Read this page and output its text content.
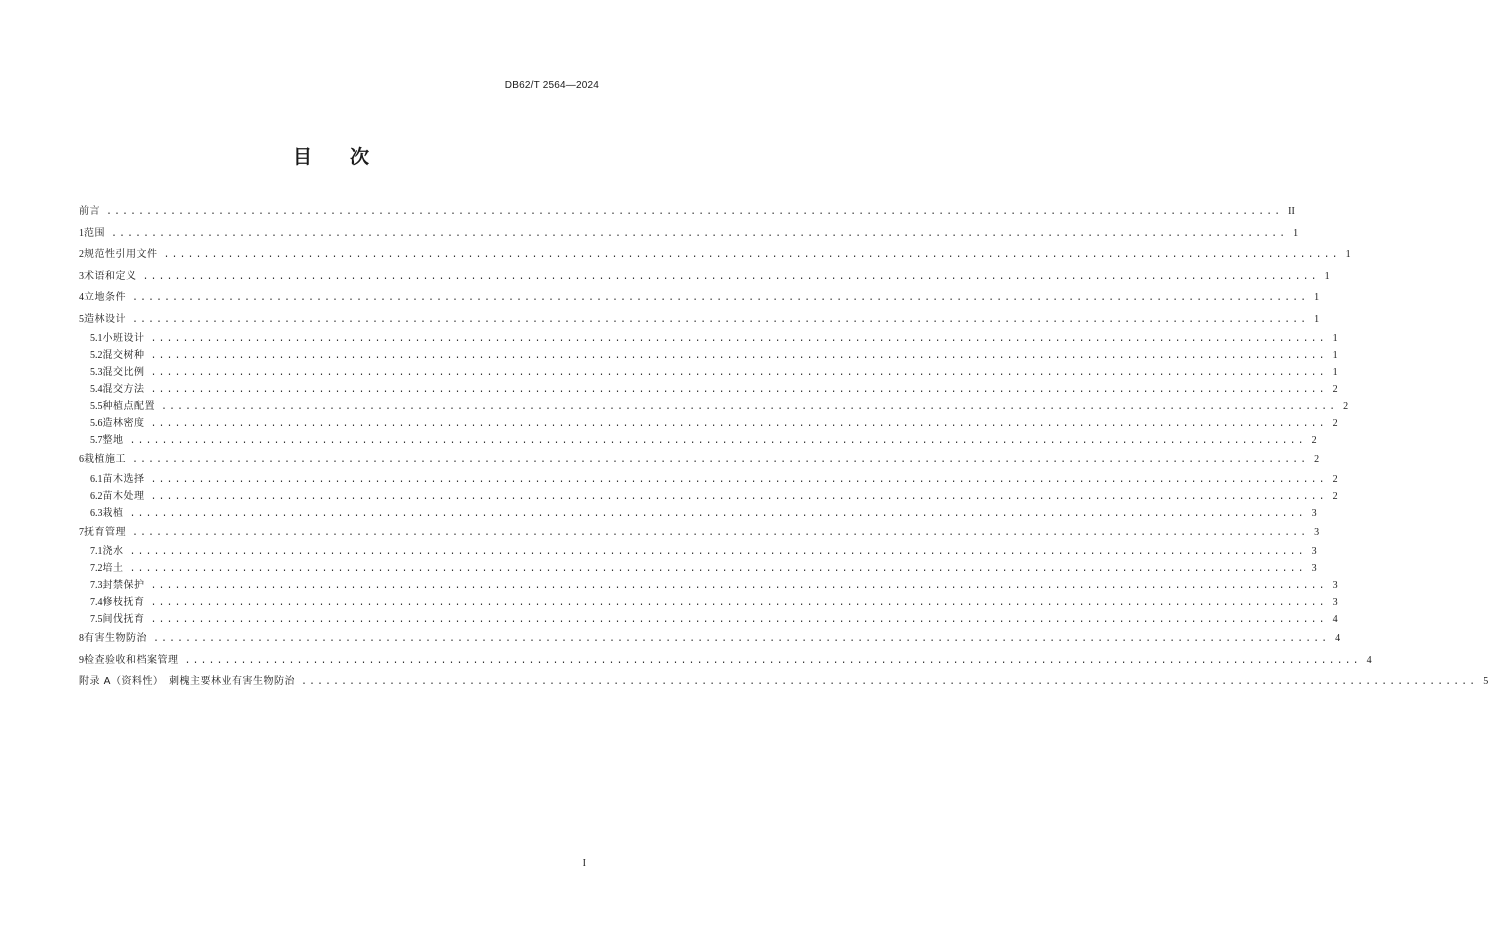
DB62/T 2564—2024
目　　次
前言 ................................................................................................................................................... II
1 范围 ................................................................................................................................................... 1
2 规范性引用文件 ................................................................................................................................................... 1
3 术语和定义 ................................................................................................................................................... 1
4 立地条件 ................................................................................................................................................... 1
5 造林设计 ................................................................................................................................................... 1
5.1 小班设计 ................................................................................................................................................... 1
5.2 混交树种 ................................................................................................................................................... 1
5.3 混交比例 ................................................................................................................................................... 1
5.4 混交方法 ................................................................................................................................................... 2
5.5 种植点配置 ................................................................................................................................................... 2
5.6 造林密度 ................................................................................................................................................... 2
5.7 整地 ................................................................................................................................................... 2
6 栽植施工 ................................................................................................................................................... 2
6.1 苗木选择 ................................................................................................................................................... 2
6.2 苗木处理 ................................................................................................................................................... 2
6.3 栽植 ................................................................................................................................................... 3
7 抚育管理 ................................................................................................................................................... 3
7.1 浇水 ................................................................................................................................................... 3
7.2 培土 ................................................................................................................................................... 3
7.3 封禁保护 ................................................................................................................................................... 3
7.4 修枝抚育 ................................................................................................................................................... 3
7.5 间伐抚育 ................................................................................................................................................... 4
8 有害生物防治 ................................................................................................................................................... 4
9 检查验收和档案管理 ................................................................................................................................................... 4
附录 A（资料性）　刺槐主要林业有害生物防治 ................................................................................................................................................... 5
I
